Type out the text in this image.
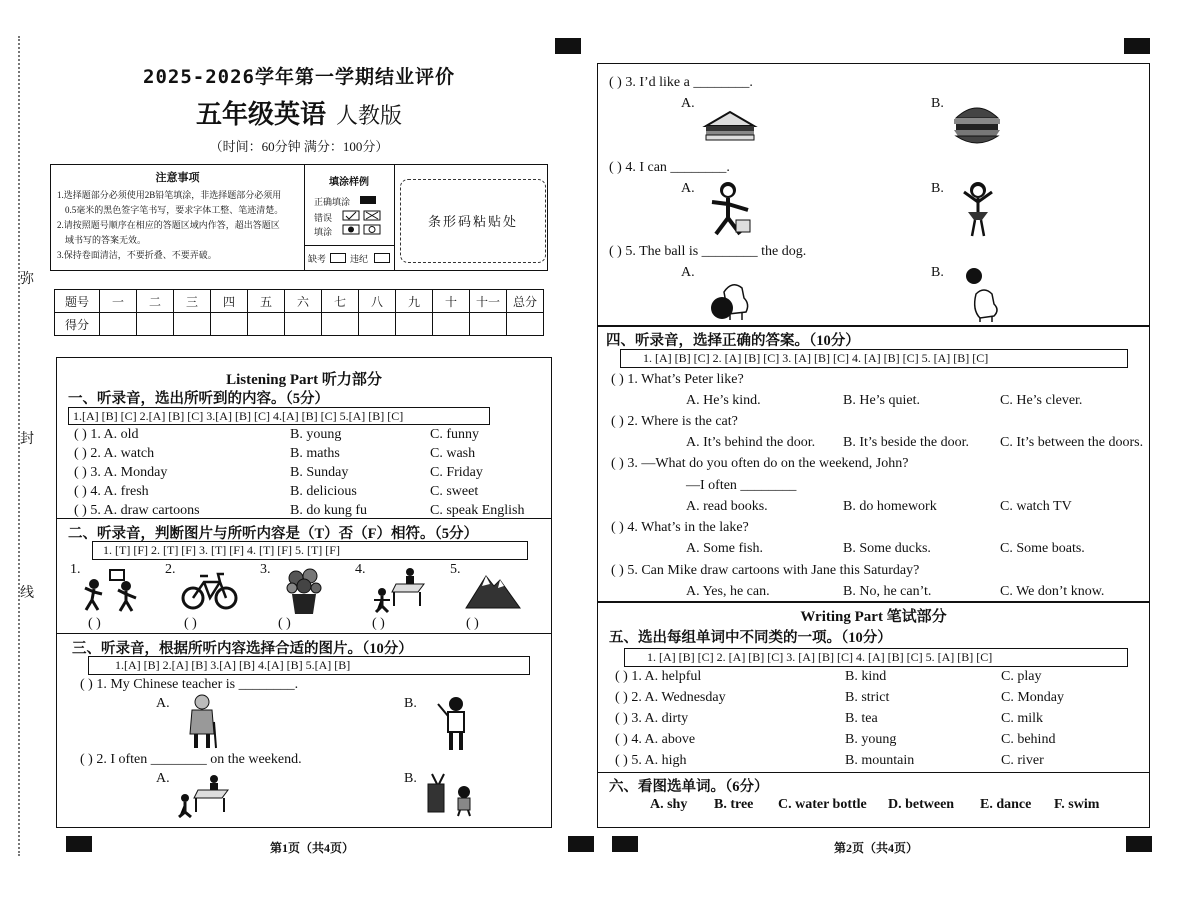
弥
封
线
2025-2026学年第一学期结业评价
五年级英语 人教版
（时间：60分钟 满分：100分）
注意事项

1.选择题部分必须使用2B铅笔填涂，非选择题部分必须用

0.5毫米的黑色签字笔书写，要求字体工整、笔迹清楚。

2.请按照题号顺序在相应的答题区域内作答，超出答题区

域书写的答案无效。

3.保持卷面清洁，不要折叠、不要弄破。

填涂样例
正确填涂
错误
填涂
缺考	违纪
条形码粘贴处
题号	一	二	三	四	五	六	七	八	九	十	十一	总分
得分												
Listening Part 听力部分
一、听录音，选出所听到的内容。（5分）
1.[A] [B] [C] 2.[A] [B] [C] 3.[A] [B] [C] 4.[A] [B] [C] 5.[A] [B] [C]
( ) 1. A. old	B. young	C. funny
( ) 2. A. watch	B. maths	C. wash
( ) 3. A. Monday	B. Sunday	C. Friday
( ) 4. A. fresh	B. delicious	C. sweet
( ) 5. A. draw cartoons	B. do kung fu	C. speak English
二、听录音，判断图片与所听内容是（T）否（F）相符。（5分）
1. [T] [F] 2. [T] [F] 3. [T] [F] 4. [T] [F] 5. [T] [F]
1.	2.	3.	4.	5.
( )	( )	( )	( )	( )
三、听录音，根据所听内容选择合适的图片。（10分）
1.[A] [B] 2.[A] [B] 3.[A] [B] 4.[A] [B] 5.[A] [B]
( ) 1. My Chinese teacher is ________.
A.	B.
( ) 2. I often ________ on the weekend.
A.	B.
第1页（共4页）
( ) 3. I’d like a ________.
A.	B.
( ) 4. I can ________.
A.	B.
( ) 5. The ball is ________ the dog.
A.	B.
四、听录音，选择正确的答案。（10分）
1. [A] [B] [C] 2. [A] [B] [C] 3. [A] [B] [C] 4. [A] [B] [C] 5. [A] [B] [C]
( ) 1. What’s Peter like?
A. He’s kind.	B. He’s quiet.	C. He’s clever.
( ) 2. Where is the cat?
A. It’s behind the door. B. It’s beside the door. C. It’s between the doors.
( ) 3. —What do you often do on the weekend, John?
—I often ________
A. read books.	B. do homework	C. watch TV
( ) 4. What’s in the lake?
A. Some fish.	B. Some ducks.	C. Some boats.
( ) 5. Can Mike draw cartoons with Jane this Saturday?
A. Yes, he can.	B. No, he can’t.	C. We don’t know.
Writing Part 笔试部分
五、选出每组单词中不同类的一项。（10分）
1. [A] [B] [C] 2. [A] [B] [C] 3. [A] [B] [C] 4. [A] [B] [C] 5. [A] [B] [C]
( ) 1. A. helpful	B. kind	C. play
( ) 2. A. Wednesday	B. strict	C. Monday
( ) 3. A. dirty	B. tea	C. milk
( ) 4. A. above	B. young	C. behind
( ) 5. A. high	B. mountain	C. river
六、看图选单词。（6分）
A. shy B. tree C. water bottle D. between E. dance F. swim
第2页（共4页）
